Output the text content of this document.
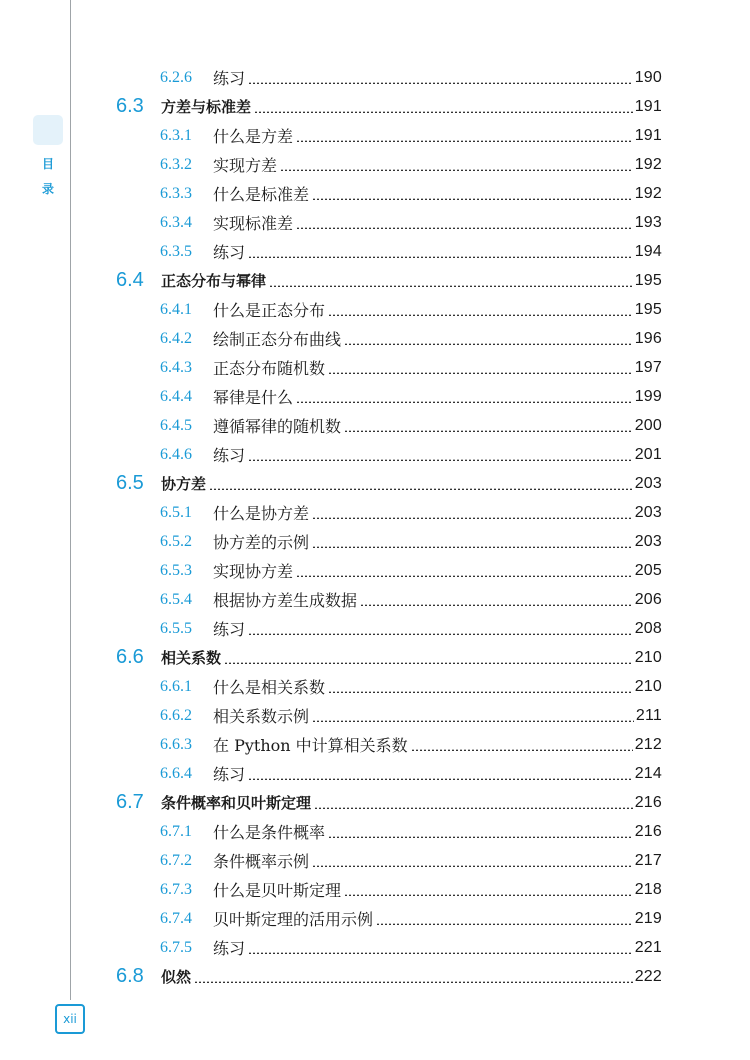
目
录
6.2.6	练习	190
6.3	方差与标准差	191
6.3.1	什么是方差	191
6.3.2	实现方差	192
6.3.3	什么是标准差	192
6.3.4	实现标准差	193
6.3.5	练习	194
6.4	正态分布与幂律	195
6.4.1	什么是正态分布	195
6.4.2	绘制正态分布曲线	196
6.4.3	正态分布随机数	197
6.4.4	幂律是什么	199
6.4.5	遵循幂律的随机数	200
6.4.6	练习	201
6.5	协方差	203
6.5.1	什么是协方差	203
6.5.2	协方差的示例	203
6.5.3	实现协方差	205
6.5.4	根据协方差生成数据	206
6.5.5	练习	208
6.6	相关系数	210
6.6.1	什么是相关系数	210
6.6.2	相关系数示例	211
6.6.3	在 Python 中计算相关系数	212
6.6.4	练习	214
6.7	条件概率和贝叶斯定理	216
6.7.1	什么是条件概率	216
6.7.2	条件概率示例	217
6.7.3	什么是贝叶斯定理	218
6.7.4	贝叶斯定理的活用示例	219
6.7.5	练习	221
6.8	似然	222
xii
